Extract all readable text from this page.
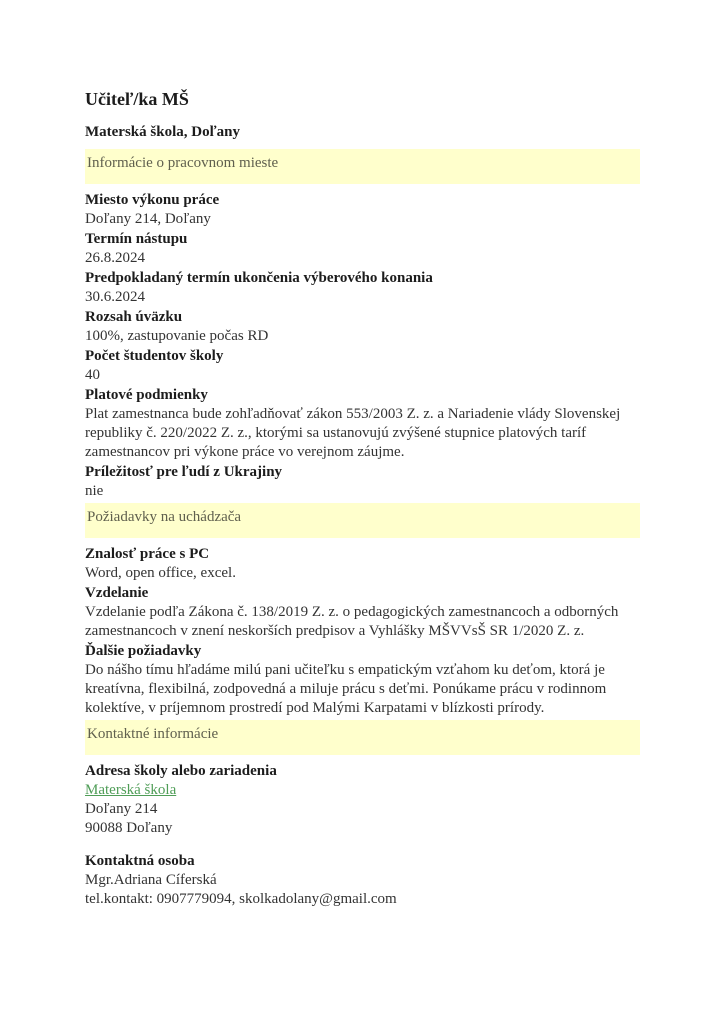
Učiteľ/ka MŠ
Materská škola, Doľany
Informácie o pracovnom mieste
Miesto výkonu práce
Doľany 214, Doľany
Termín nástupu
26.8.2024
Predpokladaný termín ukončenia výberového konania
30.6.2024
Rozsah úväzku
100%, zastupovanie počas RD
Počet študentov školy
40
Platové podmienky
Plat zamestnanca bude zohľadňovať zákon 553/2003 Z. z. a Nariadenie vlády Slovenskej republiky č. 220/2022 Z. z., ktorými sa ustanovujú zvýšené stupnice platových taríf zamestnancov pri výkone práce vo verejnom záujme.
Príležitosť pre ľudí z Ukrajiny
nie
Požiadavky na uchádzača
Znalosť práce s PC
Word, open office, excel.
Vzdelanie
Vzdelanie podľa Zákona č. 138/2019 Z. z. o pedagogických zamestnancoch a odborných zamestnancoch v znení neskorších predpisov a Vyhlášky MŠVVsŠ SR 1/2020 Z. z.
Ďalšie požiadavky
Do nášho tímu hľadáme milú pani učiteľku s empatickým vzťahom ku deťom, ktorá je kreatívna, flexibilná, zodpovedná a miluje prácu s deťmi. Ponúkame prácu v rodinnom kolektíve, v príjemnom prostredí pod Malými Karpatami v blízkosti prírody.
Kontaktné informácie
Adresa školy alebo zariadenia
Materská škola
Doľany 214
90088 Doľany
Kontaktná osoba
Mgr.Adriana Cíferská
tel.kontakt: 0907779094, skolkadolany@gmail.com
